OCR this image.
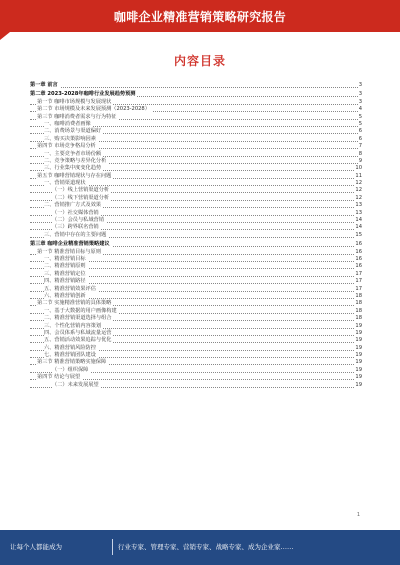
咖啡企业精准营销策略研究报告
内容目录
第一章 前言	3
第二章 2023-2028年咖啡行业发展趋势预测	3
第一节 咖啡市场规模与发展现状	3
第二节 市场规模及未来发展预测（2023-2028）	4
第三节 咖啡消费者需求与行为特征	5
一、咖啡消费者画像	5
二、消费场景与渠道偏好	6
三、购买决策影响因素	6
第四节 市场竞争格局分析	7
一、主要竞争者市场份额	8
二、竞争策略与差异化分析	9
三、行业集中度变化趋势	10
第五节 咖啡营销现状与存在问题	11
一、营销渠道现状	12
（一）线上营销渠道分析	12
（二）线下营销渠道分析	12
二、营销推广方式及效果	13
（一）社交媒体营销	13
（二）会员与私域营销	14
（三）跨界联名营销	14
三、营销中存在的主要问题	15
第三章 咖啡企业精准营销策略建议	16
第一节 精准营销目标与原则	16
一、精准营销目标	16
二、精准营销原则	16
三、精准营销定位	17
四、精准营销路径	17
五、精准营销效果评估	17
六、精准营销创新	18
第二节 实施精准营销的具体策略	18
一、基于大数据的用户画像构建	18
二、精准营销渠道选择与组合	18
三、个性化营销内容策划	19
四、会员体系与私域流量运营	19
五、营销活动效果追踪与优化	19
六、精准营销风险防控	19
七、精准营销团队建设	19
第三节 精准营销策略实施保障	19
（一）组织保障	19
第四节 结论与展望	19
（二）未来发展展望	19
1
让每个人都能成为	行业专家、管理专家、营销专家、战略专家、成为企业家……
